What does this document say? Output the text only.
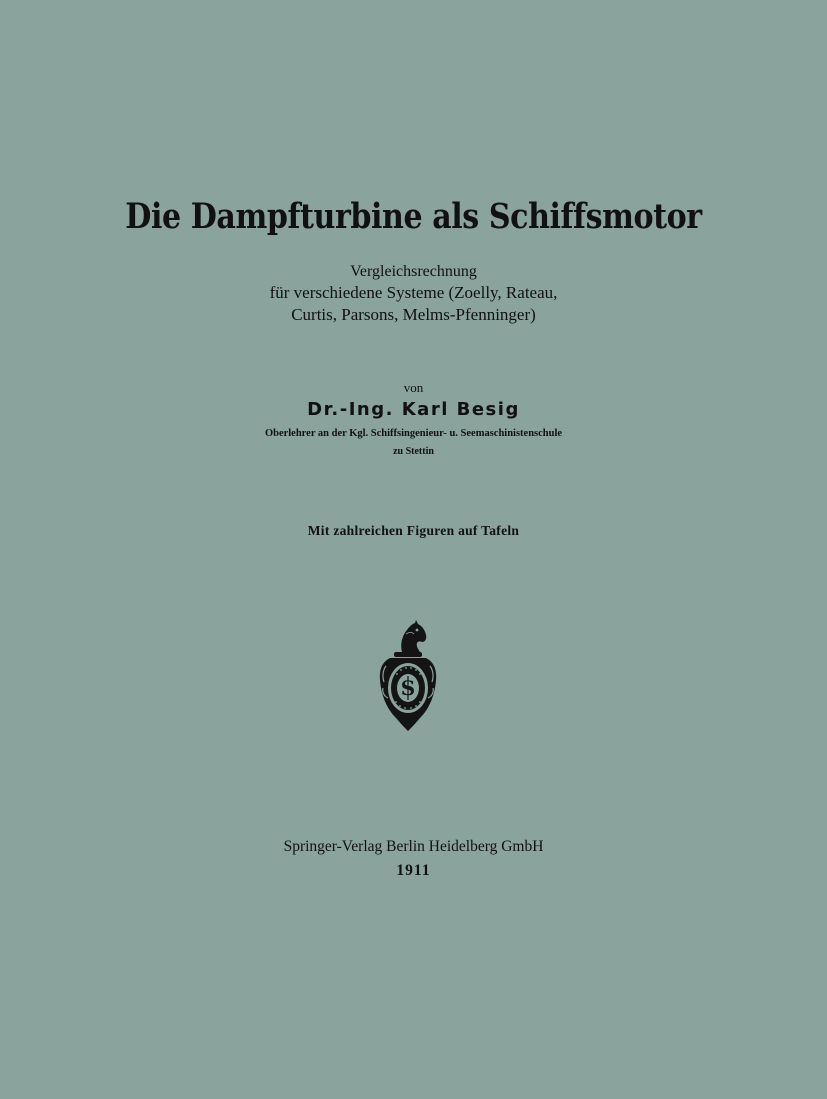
Die Dampfturbine als Schiffsmotor
Vergleichsrechnung
für verschiedene Systeme (Zoelly, Rateau,
Curtis, Parsons, Melms-Pfenninger)
von
Dr.-Ing. Karl Besig
Oberlehrer an der Kgl. Schiffsingenieur- u. Seemaschinistenschule
zu Stettin
Mit zahlreichen Figuren auf Tafeln
S
Springer-Verlag Berlin Heidelberg GmbH
1911
